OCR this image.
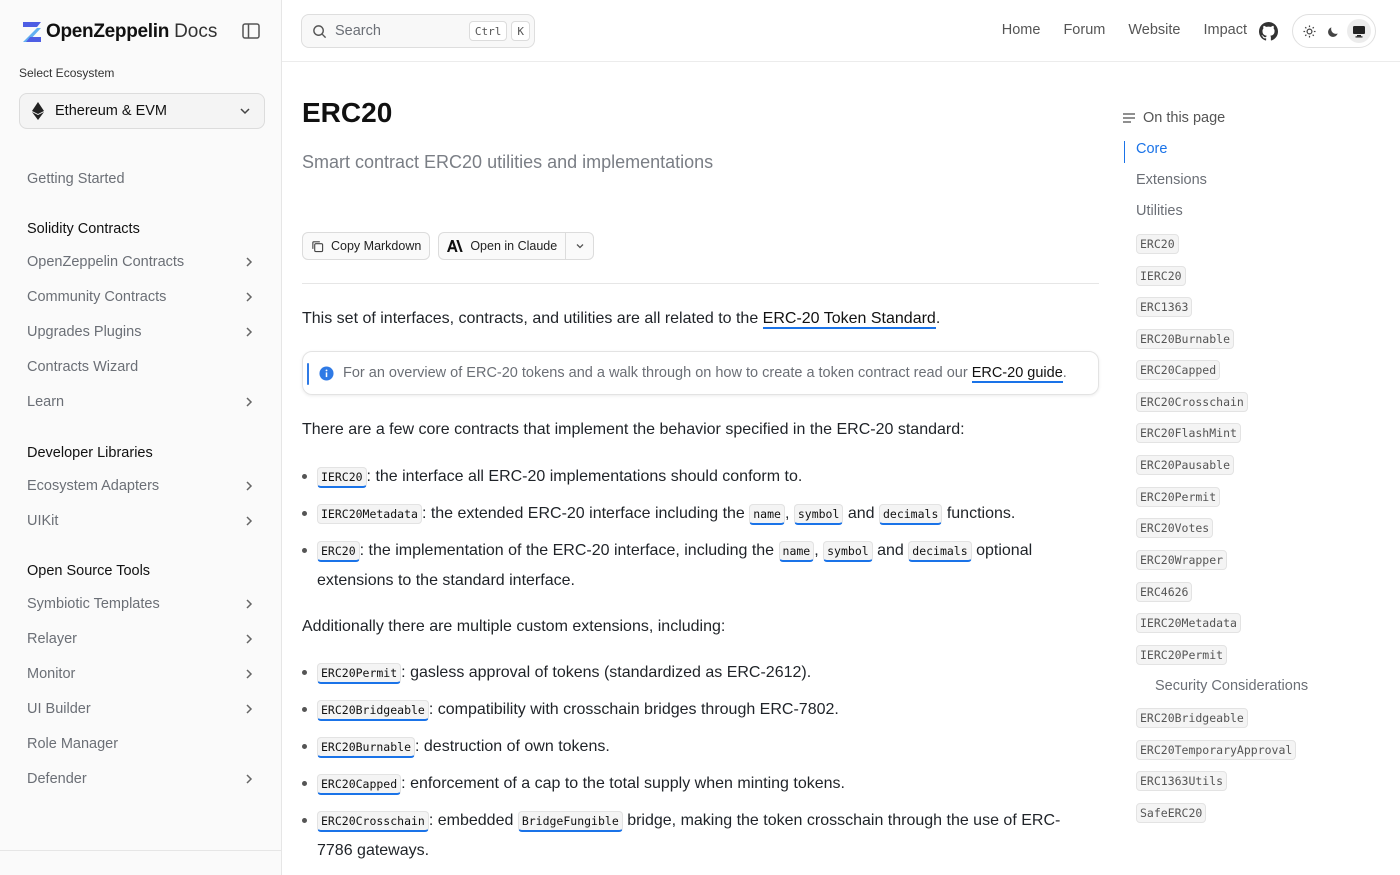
OpenZeppelin Docs
Select Ecosystem
Ethereum & EVM
Getting Started
Solidity Contracts
OpenZeppelin Contracts
Community Contracts
Upgrades Plugins
Contracts Wizard
Learn
Developer Libraries
Ecosystem Adapters
UIKit
Open Source Tools
Symbiotic Templates
Relayer
Monitor
UI Builder
Role Manager
Defender
Search	Ctrl	K	Home Forum Website Impact
ERC20
Smart contract ERC20 utilities and implementations
Copy Markdown	Open in Claude

This set of interfaces, contracts, and utilities are all related to the ERC-20 Token Standard.

For an overview of ERC-20 tokens and a walk through on how to create a token contract read our ERC-20 guide.

There are a few core contracts that implement the behavior specified in the ERC-20 standard:

IERC20 : the interface all ERC-20 implementations should conform to.
IERC20Metadata : the extended ERC-20 interface including the name , symbol and decimals functions.
ERC20 : the implementation of the ERC-20 interface, including the name , symbol and decimals optional
extensions to the standard interface.

Additionally there are multiple custom extensions, including:

ERC20Permit : gasless approval of tokens (standardized as ERC-2612).
ERC20Bridgeable : compatibility with crosschain bridges through ERC-7802.
ERC20Burnable : destruction of own tokens.
ERC20Capped : enforcement of a cap to the total supply when minting tokens.
ERC20Crosschain : embedded BridgeFungible bridge, making the token crosschain through the use of ERC-
7786 gateways.
On this page
Core
Extensions
Utilities
ERC20
IERC20
ERC1363
ERC20Burnable
ERC20Capped
ERC20Crosschain
ERC20FlashMint
ERC20Pausable
ERC20Permit
ERC20Votes
ERC20Wrapper
ERC4626
IERC20Metadata
IERC20Permit
Security Considerations
ERC20Bridgeable
ERC20TemporaryApproval
ERC1363Utils
SafeERC20
